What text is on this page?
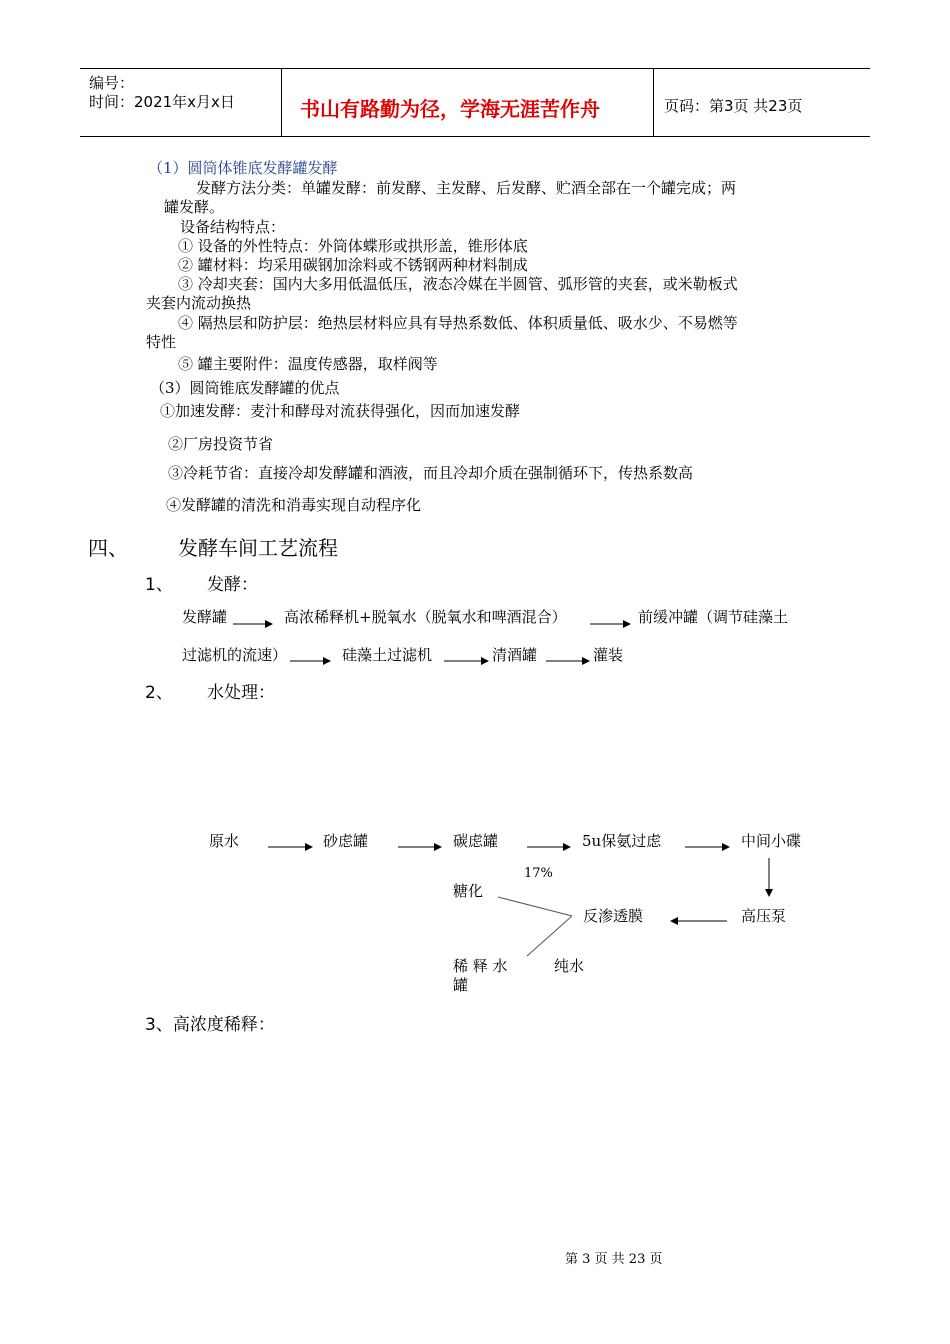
编号：
时间：2021年x月x日	书山有路勤为径，学海无涯苦作舟	页码：第3页 共23页
（1）圆筒体锥底发酵罐发酵
发酵方法分类：单罐发酵：前发酵、主发酵、后发酵、贮酒全部在一个罐完成；两
罐发酵。
设备结构特点：
① 设备的外性特点：外筒体蝶形或拱形盖，锥形体底
② 罐材料：均采用碳钢加涂料或不锈钢两种材料制成
③ 冷却夹套：国内大多用低温低压，液态冷媒在半圆管、弧形管的夹套，或米勒板式
夹套内流动换热
④ 隔热层和防护层：绝热层材料应具有导热系数低、体积质量低、吸水少、不易燃等
特性
⑤ 罐主要附件：温度传感器，取样阀等
（3）圆筒锥底发酵罐的优点
①加速发酵：麦汁和酵母对流获得强化，因而加速发酵
②厂房投资节省
③冷耗节省：直接冷却发酵罐和酒液，而且冷却介质在强制循环下，传热系数高
④发酵罐的清洗和消毒实现自动程序化
四、	发酵车间工艺流程
1、 发酵：
发酵罐	高浓稀释机+脱氧水（脱氧水和啤酒混合）	前缓冲罐（调节硅藻土
过滤机的流速）	硅藻土过滤机	清酒罐	灌装
2、 水处理：
原水	砂虑罐	碳虑罐	5u保氨过虑	中间小碟
17%
糖化
反渗透膜	高压泵
稀 释 水
罐
纯水
3、高浓度稀释：
第 3 页 共 23 页
